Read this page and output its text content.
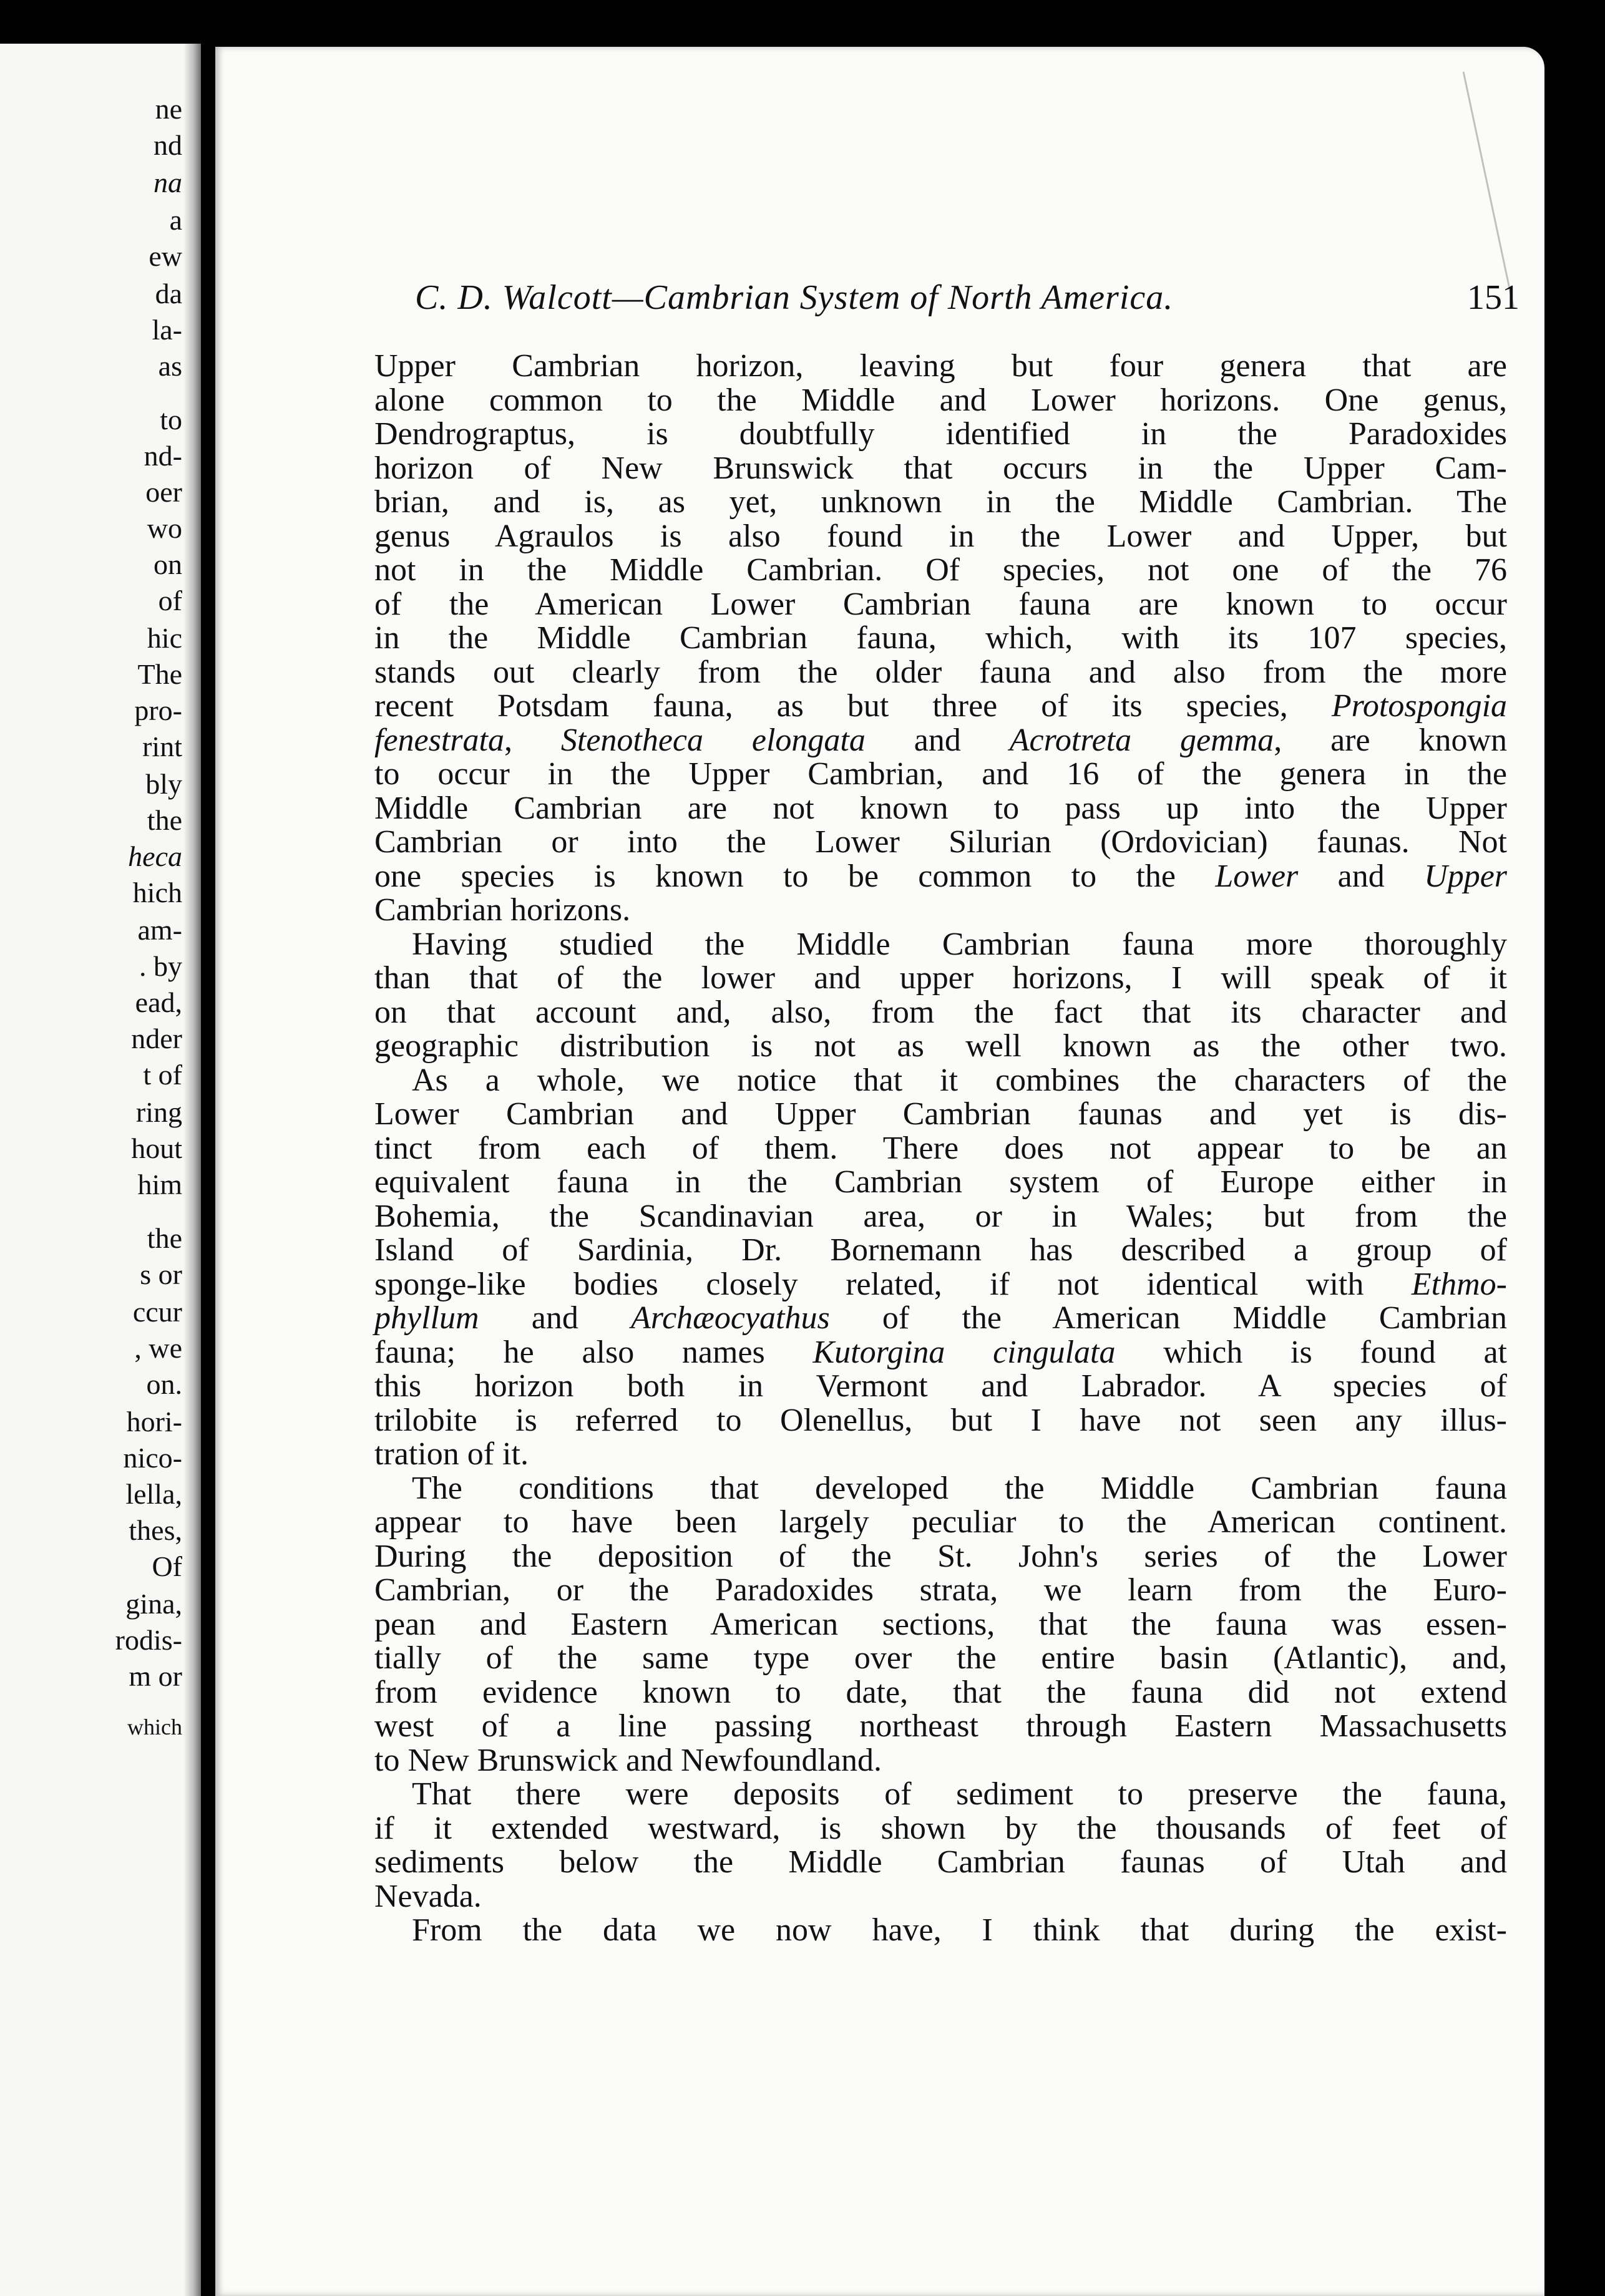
ne
nd
na
a
ew
da
la-
as
to
nd-
oer
wo
on
of
hic
The
pro-
rint
bly
the
heca
hich
am-
. by
ead,
nder
t of
ring
hout
him
the
s or
ccur
, we
on.
hori-
nico-
lella,
thes,
Of
gina,
rodis-
m or
which
C. D. Walcott—Cambrian System of North America.	151
Upper Cambrian horizon, leaving but four genera that are
alone common to the Middle and Lower horizons. One genus,
Dendrograptus, is doubtfully identified in the Paradoxides
horizon of New Brunswick that occurs in the Upper Cam-
brian, and is, as yet, unknown in the Middle Cambrian. The
genus Agraulos is also found in the Lower and Upper, but
not in the Middle Cambrian. Of species, not one of the 76
of the American Lower Cambrian fauna are known to occur
in the Middle Cambrian fauna, which, with its 107 species,
stands out clearly from the older fauna and also from the more
recent Potsdam fauna, as but three of its species, Protospongia
fenestrata, Stenotheca elongata and Acrotreta gemma, are known
to occur in the Upper Cambrian, and 16 of the genera in the
Middle Cambrian are not known to pass up into the Upper
Cambrian or into the Lower Silurian (Ordovician) faunas. Not
one species is known to be common to the Lower and Upper
Cambrian horizons.
Having studied the Middle Cambrian fauna more thoroughly
than that of the lower and upper horizons, I will speak of it
on that account and, also, from the fact that its character and
geographic distribution is not as well known as the other two.
As a whole, we notice that it combines the characters of the
Lower Cambrian and Upper Cambrian faunas and yet is dis-
tinct from each of them. There does not appear to be an
equivalent fauna in the Cambrian system of Europe either in
Bohemia, the Scandinavian area, or in Wales; but from the
Island of Sardinia, Dr. Bornemann has described a group of
sponge-like bodies closely related, if not identical with Ethmo-
phyllum and Archæocyathus of the American Middle Cambrian
fauna; he also names Kutorgina cingulata which is found at
this horizon both in Vermont and Labrador. A species of
trilobite is referred to Olenellus, but I have not seen any illus-
tration of it.
The conditions that developed the Middle Cambrian fauna
appear to have been largely peculiar to the American continent.
During the deposition of the St. John's series of the Lower
Cambrian, or the Paradoxides strata, we learn from the Euro-
pean and Eastern American sections, that the fauna was essen-
tially of the same type over the entire basin (Atlantic), and,
from evidence known to date, that the fauna did not extend
west of a line passing northeast through Eastern Massachusetts
to New Brunswick and Newfoundland.
That there were deposits of sediment to preserve the fauna,
if it extended westward, is shown by the thousands of feet of
sediments below the Middle Cambrian faunas of Utah and
Nevada.
From the data we now have, I think that during the exist-
